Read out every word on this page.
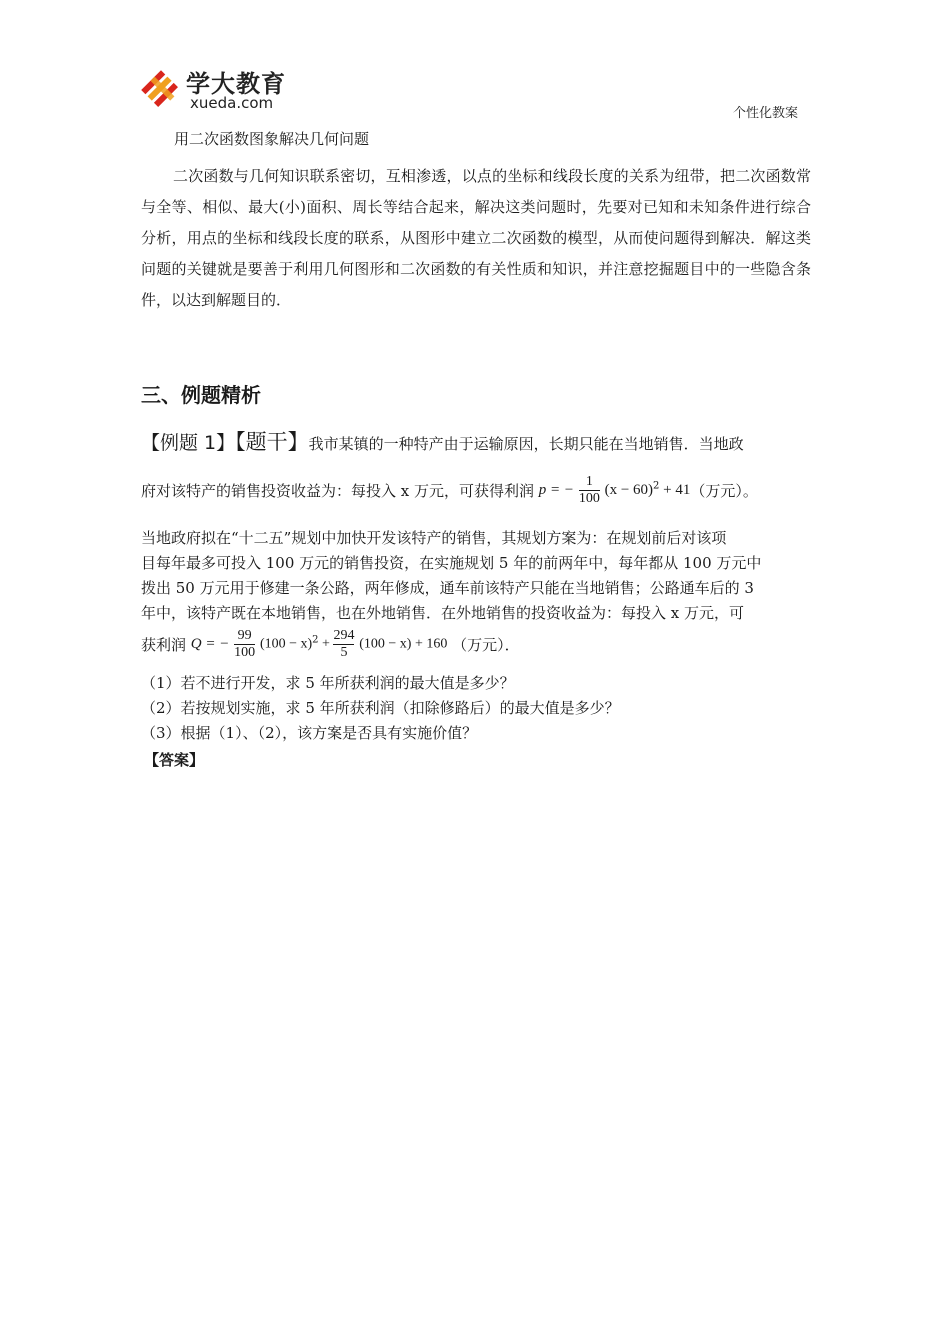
学大教育
xueda.com
个性化教案
用二次函数图象解决几何问题
二次函数与几何知识联系密切，互相渗透，以点的坐标和线段长度的关系为纽带，把二次函数常与全等、相似、最大(小)面积、周长等结合起来，解决这类问题时，先要对已知和未知条件进行综合分析，用点的坐标和线段长度的联系，从图形中建立二次函数的模型，从而使问题得到解决．解这类问题的关键就是要善于利用几何图形和二次函数的有关性质和知识，并注意挖掘题目中的一些隐含条件，以达到解题目的．
三、例题精析
【例题 1】【题干】我市某镇的一种特产由于运输原因，长期只能在当地销售．当地政
府对该特产的销售投资收益为：每投入 x 万元，可获得利润 p = − $\frac{1}{100} (x - 60)^2 + 41$（万元）。
当地政府拟在“十二五”规划中加快开发该特产的销售，其规划方案为：在规划前后对该项
目每年最多可投入 100 万元的销售投资，在实施规划 5 年的前两年中，每年都从 100 万元中
拨出 50 万元用于修建一条公路，两年修成，通车前该特产只能在当地销售；公路通车后的 3
年中，该特产既在本地销售，也在外地销售．在外地销售的投资收益为：每投入 x 万元，可
获利润 Q = − $\frac{99}{100} (100 - x)^2 + \frac{294}{5} (100 - x) + 160$ （万元）．
（1）若不进行开发，求 5 年所获利润的最大值是多少？
（2）若按规划实施，求 5 年所获利润（扣除修路后）的最大值是多少？
（3）根据（1）、（2），该方案是否具有实施价值？
【答案】
